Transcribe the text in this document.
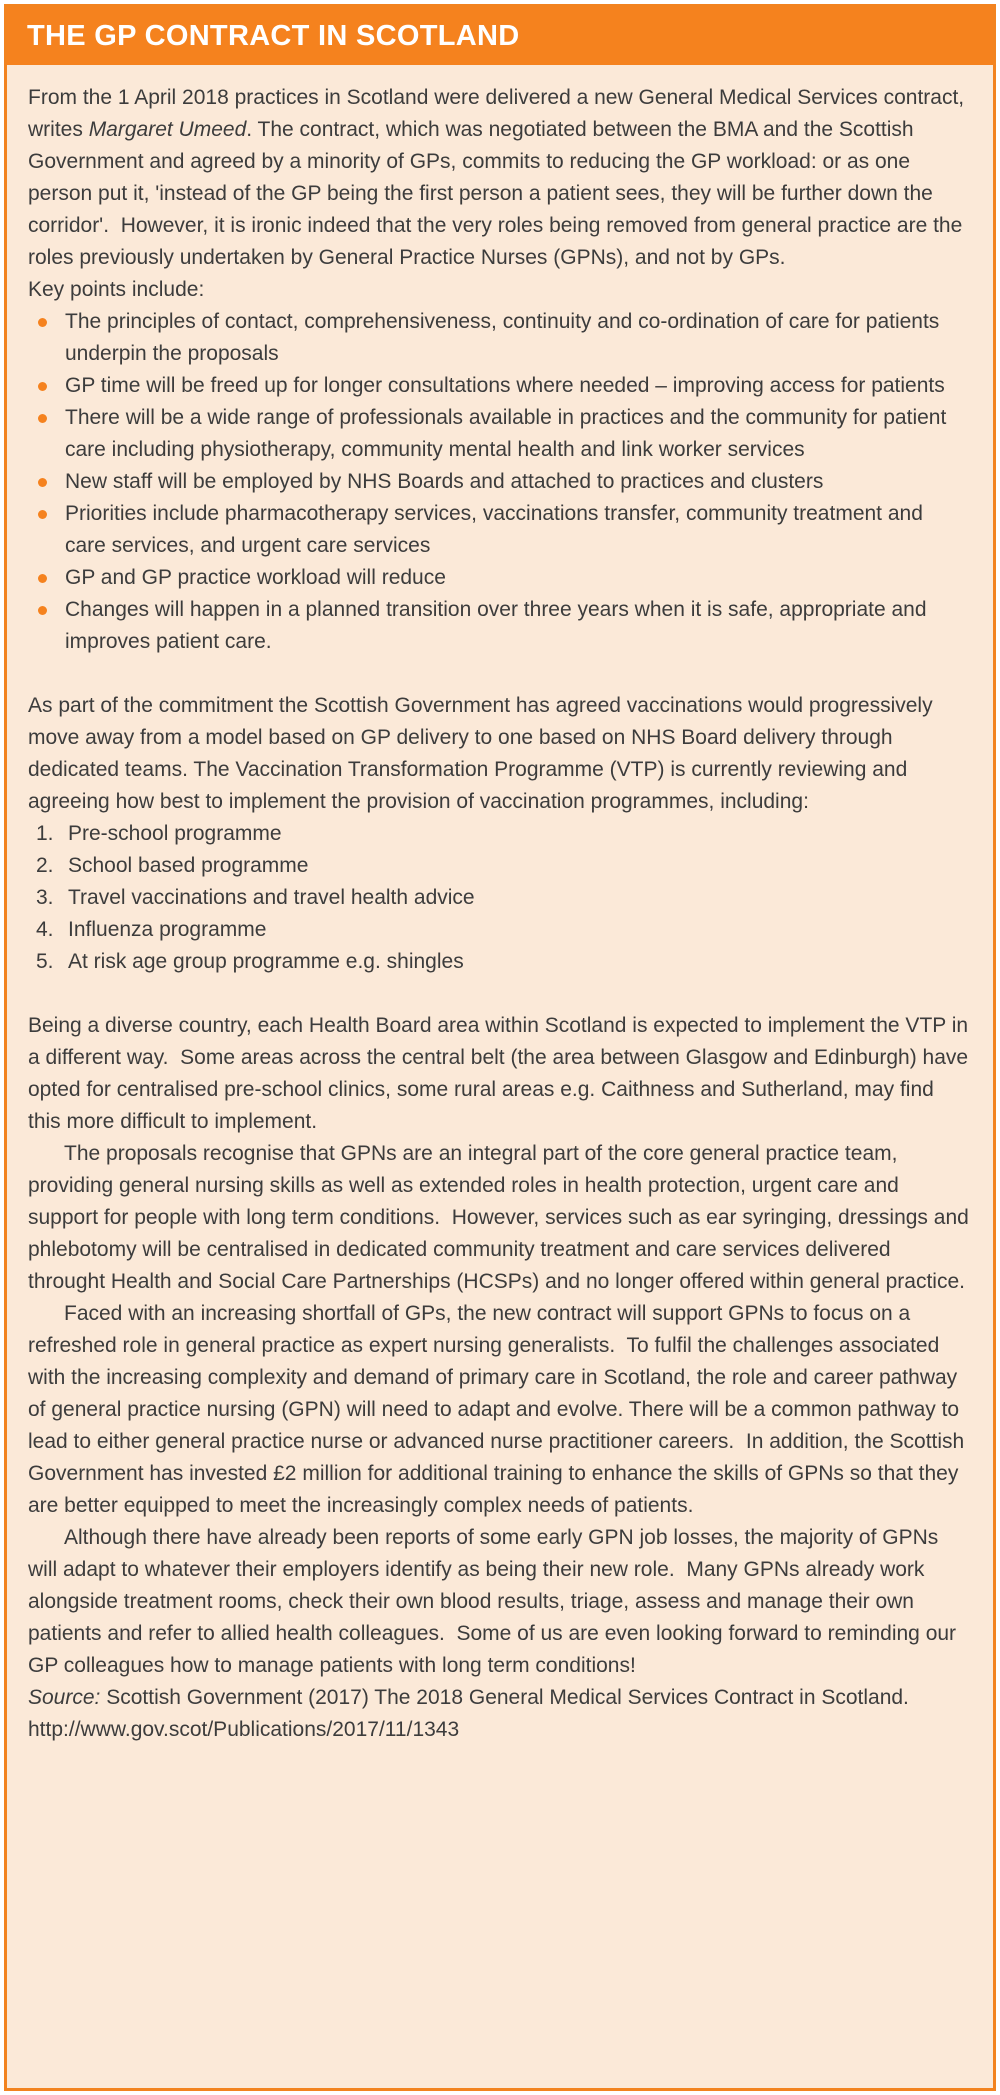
THE GP CONTRACT IN SCOTLAND

From the 1 April 2018 practices in Scotland were delivered a new General Medical Services contract, writes Margaret Umeed. The contract, which was negotiated between the BMA and the Scottish Government and agreed by a minority of GPs, commits to reducing the GP workload: or as one person put it, 'instead of the GP being the first person a patient sees, they will be further down the corridor'.  However, it is ironic indeed that the very roles being removed from general practice are the roles previously undertaken by General Practice Nurses (GPNs), and not by GPs.

Key points include:

The principles of contact, comprehensiveness, continuity and co-ordination of care for patients underpin the proposals
GP time will be freed up for longer consultations where needed – improving access for patients
There will be a wide range of professionals available in practices and the community for patient care including physiotherapy, community mental health and link worker services
New staff will be employed by NHS Boards and attached to practices and clusters
Priorities include pharmacotherapy services, vaccinations transfer, community treatment and care services, and urgent care services
GP and GP practice workload will reduce
Changes will happen in a planned transition over three years when it is safe, appropriate and improves patient care.

As part of the commitment the Scottish Government has agreed vaccinations would progressively move away from a model based on GP delivery to one based on NHS Board delivery through dedicated teams. The Vaccination Transformation Programme (VTP) is currently reviewing and agreeing how best to implement the provision of vaccination programmes, including:

1. Pre-school programme
2. School based programme
3. Travel vaccinations and travel health advice
4. Influenza programme
5. At risk age group programme e.g. shingles

Being a diverse country, each Health Board area within Scotland is expected to implement the VTP in a different way.  Some areas across the central belt (the area between Glasgow and Edinburgh) have opted for centralised pre-school clinics, some rural areas e.g. Caithness and Sutherland, may find this more difficult to implement.

The proposals recognise that GPNs are an integral part of the core general practice team, providing general nursing skills as well as extended roles in health protection, urgent care and support for people with long term conditions.  However, services such as ear syringing, dressings and phlebotomy will be centralised in dedicated community treatment and care services delivered throught Health and Social Care Partnerships (HCSPs) and no longer offered within general practice.

Faced with an increasing shortfall of GPs, the new contract will support GPNs to focus on a refreshed role in general practice as expert nursing generalists.  To fulfil the challenges associated with the increasing complexity and demand of primary care in Scotland, the role and career pathway of general practice nursing (GPN) will need to adapt and evolve. There will be a common pathway to lead to either general practice nurse or advanced nurse practitioner careers.  In addition, the Scottish Government has invested £2 million for additional training to enhance the skills of GPNs so that they are better equipped to meet the increasingly complex needs of patients.

Although there have already been reports of some early GPN job losses, the majority of GPNs will adapt to whatever their employers identify as being their new role.  Many GPNs already work alongside treatment rooms, check their own blood results, triage, assess and manage their own patients and refer to allied health colleagues.  Some of us are even looking forward to reminding our GP colleagues how to manage patients with long term conditions!

Source: Scottish Government (2017) The 2018 General Medical Services Contract in Scotland. http://www.gov.scot/Publications/2017/11/1343
